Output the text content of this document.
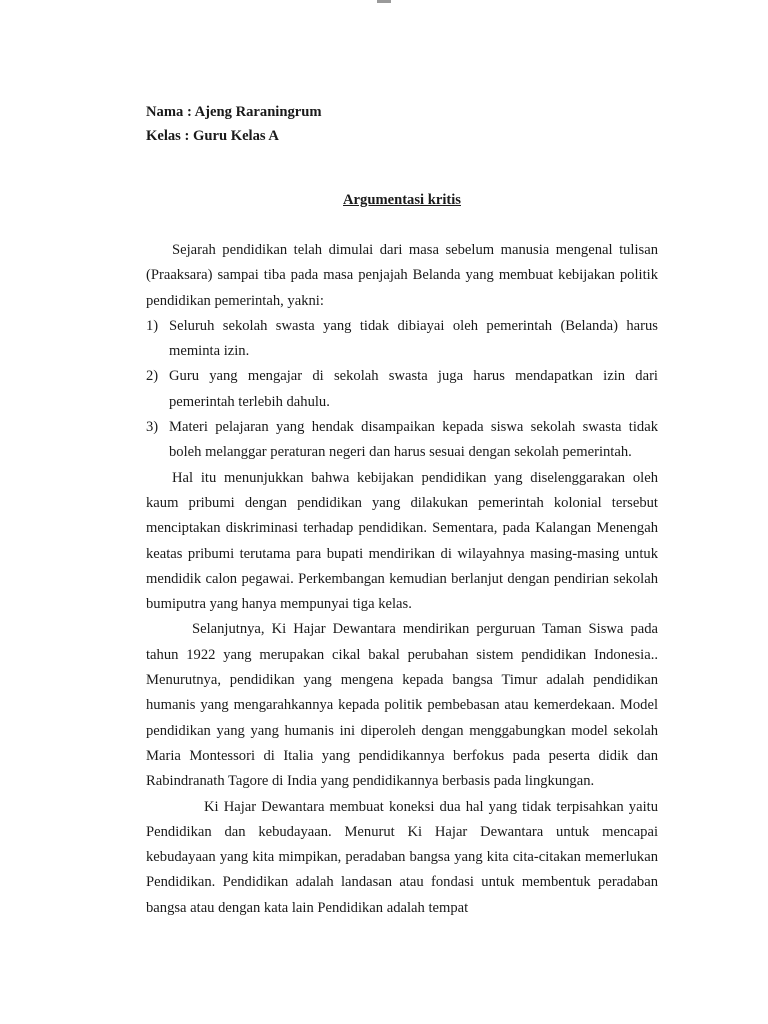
Nama : Ajeng Raraningrum

Kelas : Guru Kelas A

Argumentasi kritis

Sejarah pendidikan telah dimulai dari masa sebelum manusia mengenal tulisan (Praaksara) sampai tiba pada masa penjajah Belanda yang membuat kebijakan politik pendidikan pemerintah, yakni:

1) Seluruh sekolah swasta yang tidak dibiayai oleh pemerintah (Belanda) harus meminta izin.
2) Guru yang mengajar di sekolah swasta juga harus mendapatkan izin dari pemerintah terlebih dahulu.
3) Materi pelajaran yang hendak disampaikan kepada siswa sekolah swasta tidak boleh melanggar peraturan negeri dan harus sesuai dengan sekolah pemerintah.

Hal itu menunjukkan bahwa kebijakan pendidikan yang diselenggarakan oleh kaum pribumi dengan pendidikan yang dilakukan pemerintah kolonial tersebut menciptakan diskriminasi terhadap pendidikan. Sementara, pada Kalangan Menengah keatas pribumi terutama para bupati mendirikan di wilayahnya masing-masing untuk mendidik calon pegawai. Perkembangan kemudian berlanjut dengan pendirian sekolah bumiputra yang hanya mempunyai tiga kelas.

Selanjutnya, Ki Hajar Dewantara mendirikan perguruan Taman Siswa pada tahun 1922 yang merupakan cikal bakal perubahan sistem pendidikan Indonesia.. Menurutnya, pendidikan yang mengena kepada bangsa Timur adalah pendidikan humanis yang mengarahkannya kepada politik pembebasan atau kemerdekaan. Model pendidikan yang yang humanis ini diperoleh dengan menggabungkan model sekolah Maria Montessori di Italia yang pendidikannya berfokus pada peserta didik dan Rabindranath Tagore di India yang pendidikannya berbasis pada lingkungan.

Ki Hajar Dewantara membuat koneksi dua hal yang tidak terpisahkan yaitu Pendidikan dan kebudayaan. Menurut Ki Hajar Dewantara untuk mencapai kebudayaan yang kita mimpikan, peradaban bangsa yang kita cita-citakan memerlukan Pendidikan. Pendidikan adalah landasan atau fondasi untuk membentuk peradaban bangsa atau dengan kata lain Pendidikan adalah tempat
